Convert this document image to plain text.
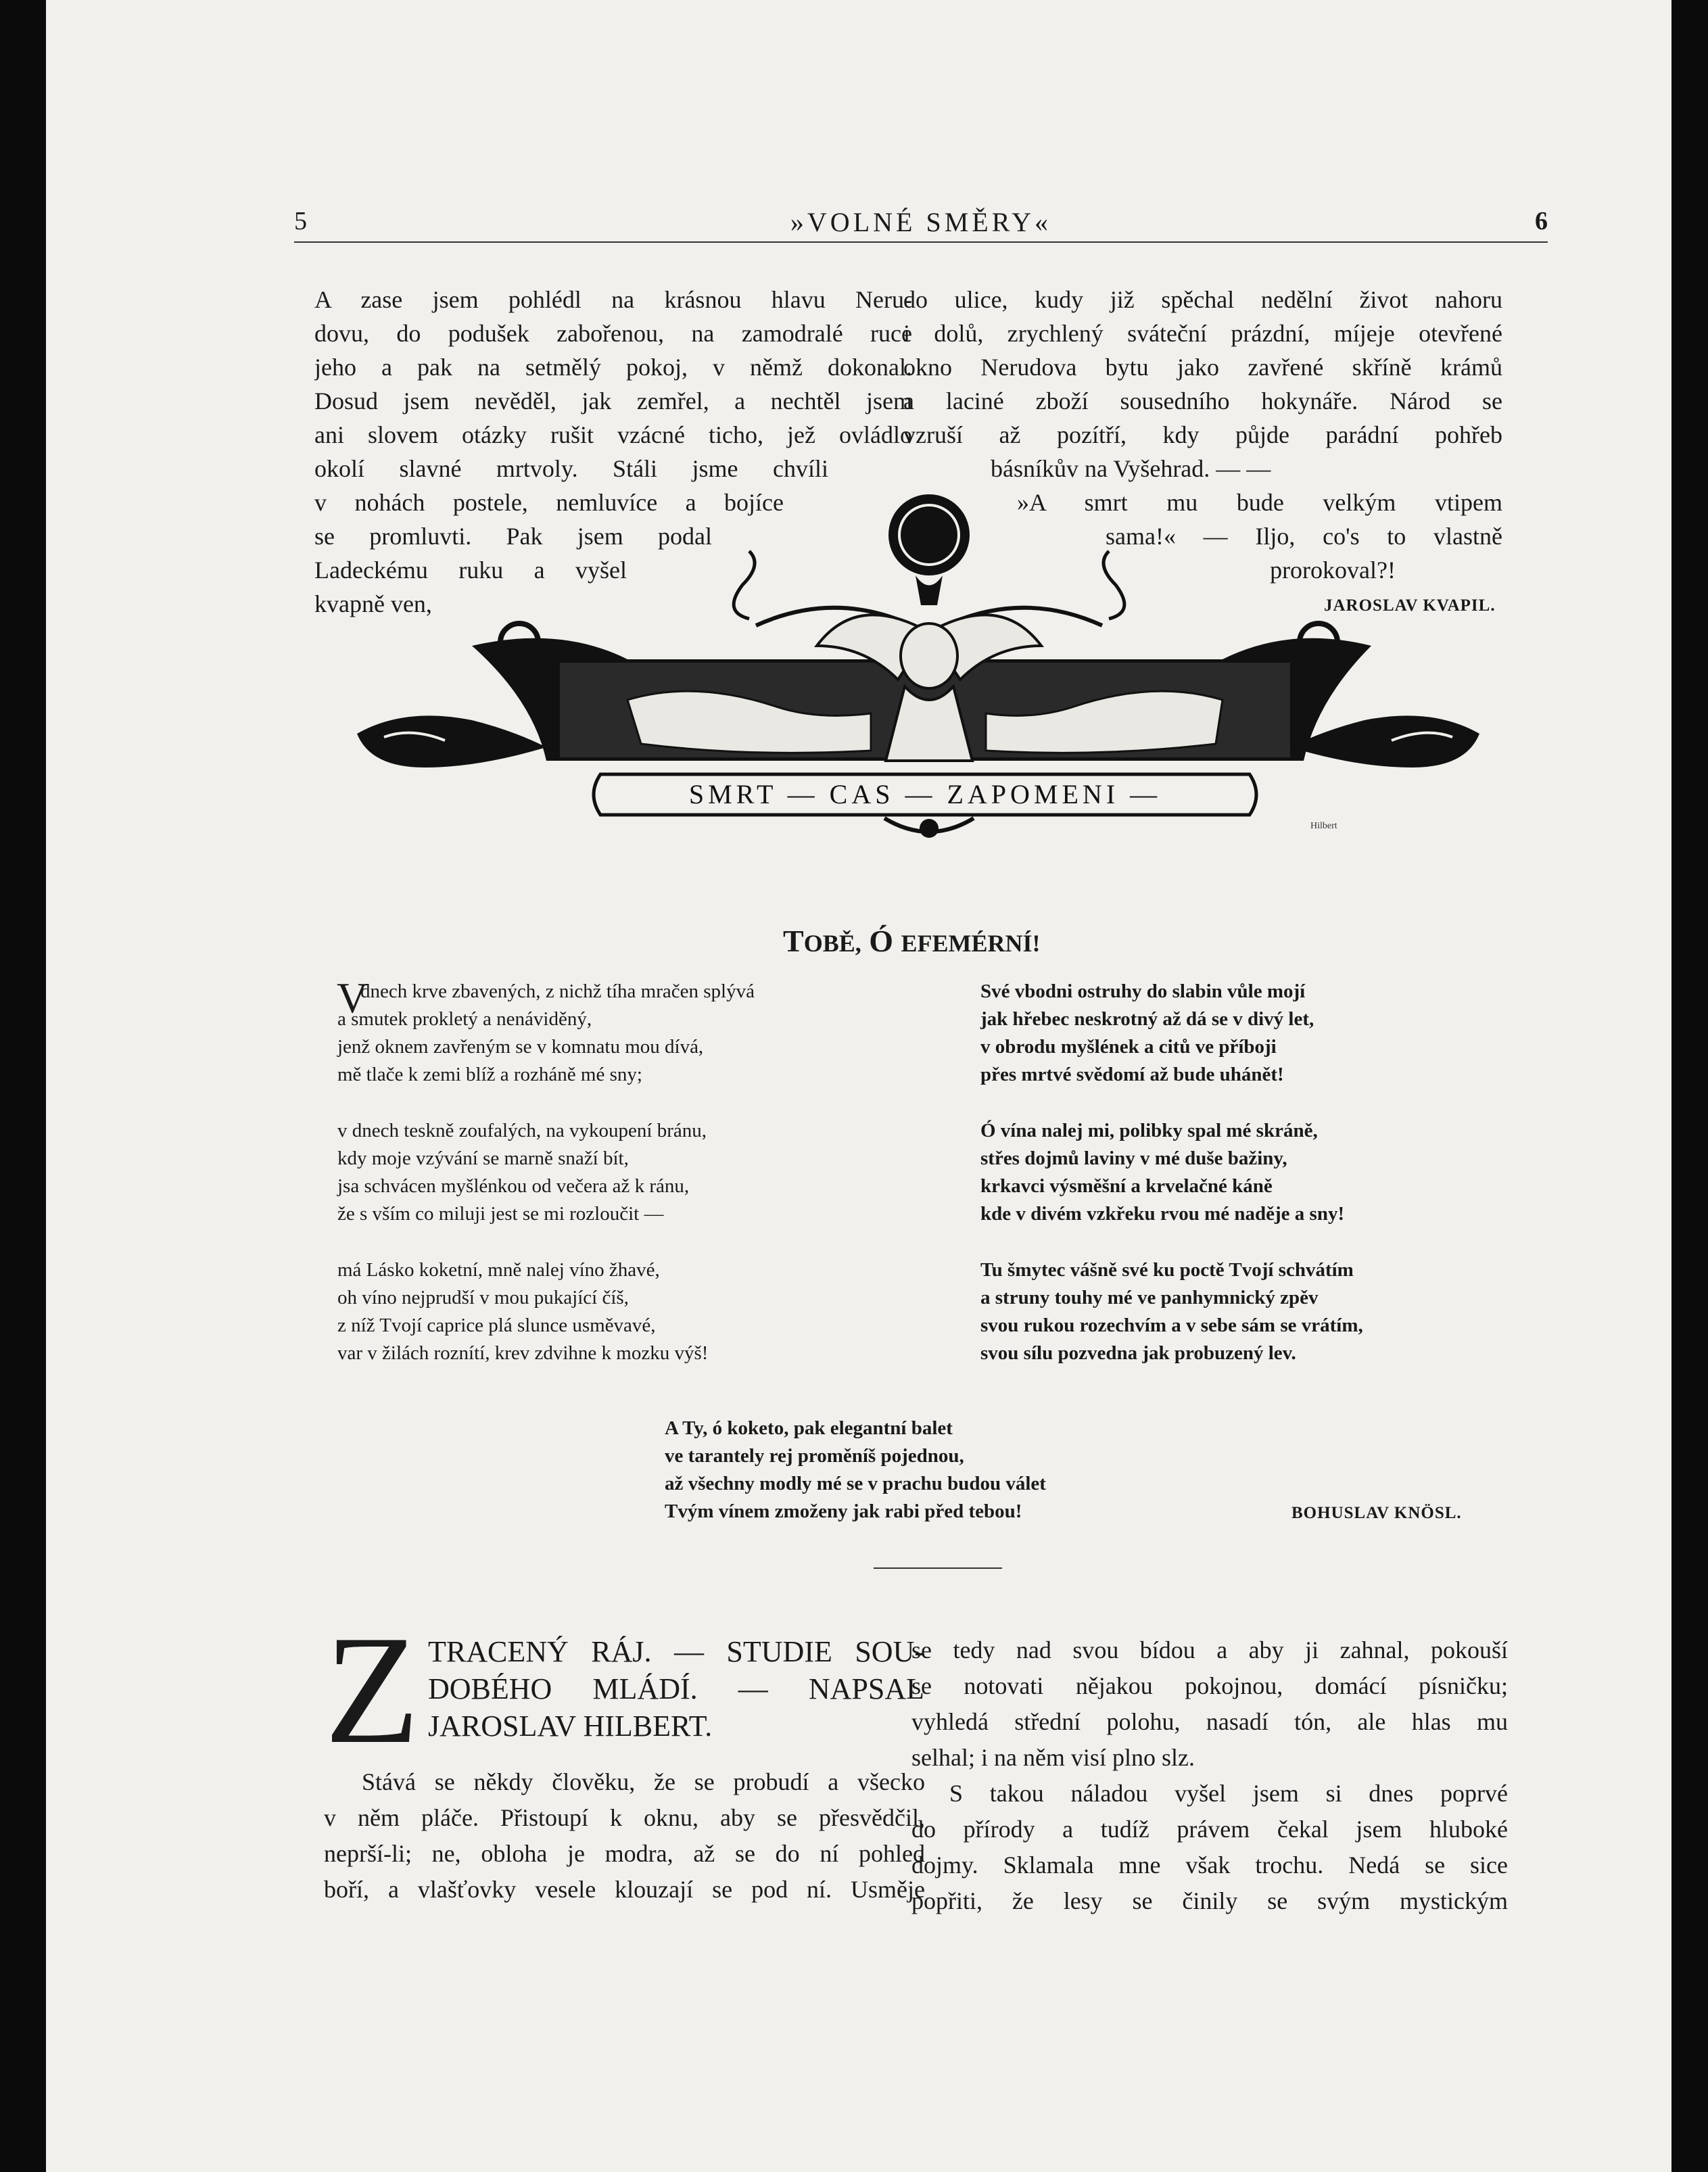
5	»VOLNÉ SMĚRY«	6
A zase jsem pohlédl na krásnou hlavu Neru-
dovu, do podušek zabořenou, na zamodralé ruce
jeho a pak na setmělý pokoj, v němž dokonal.
Dosud jsem nevěděl, jak zemřel, a nechtěl jsem
ani slovem otázky rušit vzácné ticho, jež ovládlo
okolí slavné mrtvoly. Stáli jsme chvíli
v nohách postele, nemluvíce a bojíce
se promluvti. Pak jsem podal
Ladeckému ruku a vyšel
kvapně ven,
do ulice, kudy již spěchal nedělní život nahoru
i dolů, zrychlený sváteční prázdní, míjeje otevřené
okno Nerudova bytu jako zavřené skříně krámů
a laciné zboží sousedního hokynáře. Národ se
vzruší až pozítří, kdy půjde parádní pohřeb
básníkův na Vyšehrad. — —
»A smrt mu bude velkým vtipem
sama!« — Iljo, co's to vlastně
prorokoval?!
JAROSLAV KVAPIL.
SMRT — CAS — ZAPOMENI —
Hilbert
TOBĚ, Ó EFEMÉRNÍ!
V
dnech krve zbavených, z nichž tíha mračen splývá
a smutek prokletý a nenáviděný,
jenž oknem zavřeným se v komnatu mou dívá,
mě tlače k zemi blíž a rozháně mé sny;
v dnech teskně zoufalých, na vykoupení bránu,
kdy moje vzývání se marně snaží bít,
jsa schvácen myšlénkou od večera až k ránu,
že s vším co miluji jest se mi rozloučit —
má Lásko koketní, mně nalej víno žhavé,
oh víno nejprudší v mou pukající číš,
z níž Tvojí caprice plá slunce usměvavé,
var v žilách roznítí, krev zdvihne k mozku výš!
Své vbodni ostruhy do slabin vůle mojí
jak hřebec neskrotný až dá se v divý let,
v obrodu myšlének a citů ve příboji
přes mrtvé svědomí až bude uhánět!
Ó vína nalej mi, polibky spal mé skráně,
střes dojmů laviny v mé duše bažiny,
krkavci výsměšní a krvelačné káně
kde v divém vzkřeku rvou mé naděje a sny!
Tu šmytec vášně své ku poctě Tvojí schvátím
a struny touhy mé ve panhymnický zpěv
svou rukou rozechvím a v sebe sám se vrátím,
svou sílu pozvedna jak probuzený lev.
A Ty, ó koketo, pak elegantní balet
ve tarantely rej proměníš pojednou,
až všechny modly mé se v prachu budou válet
Tvým vínem zmoženy jak rabi před tebou!	BOHUSLAV KNÖSL.
Z TRACENÝ RÁJ. — STUDIE SOU-
DOBÉHO MLÁDÍ. — NAPSAL
JAROSLAV HILBERT.
Stává se někdy člověku, že se probudí a všecko
v něm pláče. Přistoupí k oknu, aby se přesvědčil,
neprší-li; ne, obloha je modra, až se do ní pohled
boří, a vlašťovky vesele klouzají se pod ní. Usměje
se tedy nad svou bídou a aby ji zahnal, pokouší
se notovati nějakou pokojnou, domácí písničku;
vyhledá střední polohu, nasadí tón, ale hlas mu
selhal; i na něm visí plno slz.
S takou náladou vyšel jsem si dnes poprvé
do přírody a tudíž právem čekal jsem hluboké
dojmy. Sklamala mne však trochu. Nedá se sice
popřiti, že lesy se činily se svým mystickým
